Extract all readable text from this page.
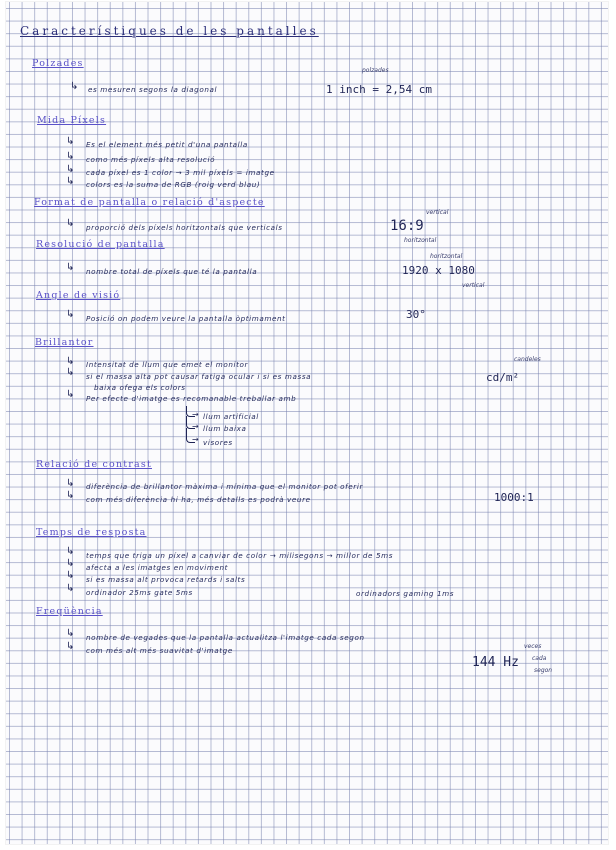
Característiques de les pantalles
Polzades
↳ es mesuren segons la diagonal	1 inch = 2,54 cm
polzades
Mida Píxels
↳ Es el element més petit d'una pantalla
↳ como més píxels alta resolució
↳ cada píxel es 1 color → 3 mil píxels = imatge
↳ colors es la suma de RGB (roig verd blau)
Format de pantalla o relació d'aspecte
↳ proporció dels píxels horitzontals que verticals	16:9
vertical
horitzontal
Resolució de pantalla
↳ nombre total de píxels que té la pantalla	1920 x 1080
horitzontal
vertical
Angle de visió
↳ Posició on podem veure la pantalla òptimament	30°
Brillantor
↳ Intensitat de llum que emet el monitor
↳ si el massa alta pot causar fatiga ocular i si es massa
baixa ofega els colors
↳ Per efecte d'imatge es recomanable treballar amb
cd/m²
candeles
→ llum artificial
→ llum baixa
→ visores
Relació de contrast
↳ diferència de brillantor màxima i mínima que el monitor pot oferir
↳ com més diferència hi ha, més detalls es podrà veure	1000:1
Temps de resposta
↳ temps que triga un píxel a canviar de color → milisegons → millor de 5ms
↳ afecta a les imatges en moviment
↳ si es massa alt provoca retards i salts
↳ ordinador 25ms gate 5ms	ordinadors gaming 1ms
Freqüència
↳ nombre de vegades que la pantalla actualitza l'imatge cada segon
↳ com més alt més suavitat d'imatge
144 Hz
veces
cada
segon
